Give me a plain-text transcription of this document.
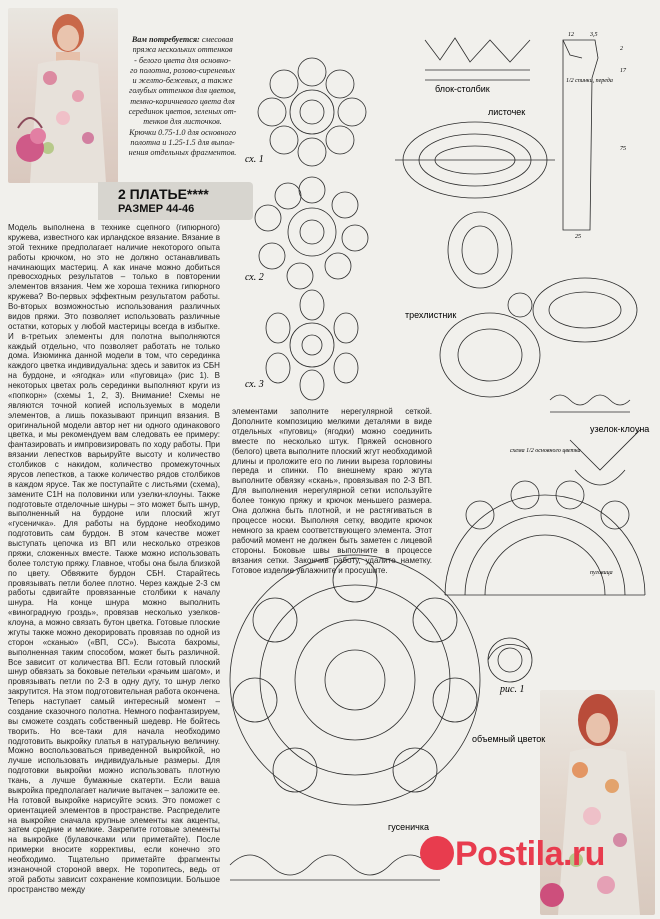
Вам потребуется: смесовая
пряжа нескольких оттенков
- белого цвета для основно-
го полотна, розово-сиреневых
и желто-бежевых, а также
голубых оттенков для цветов,
темно-коричневого цвета для
серединок цветов, зеленых от-
тенков для листочков.
Крючки 0.75-1.0 для основного
полотна и 1.25-1.5 для выпол-
нения отдельных фрагментов.
2 ПЛАТЬЕ****
РАЗМЕР 44-46
Модель выполнена в технике сцепного (гипюрного) кружева, известного как ирландское вязание. Вязание в этой технике предполагает наличие некоторого опыта работы крючком, но это не должно останавливать начинающих мастериц. А как иначе можно добиться превосходных результатов – только в повторении элементов вязания. Чем же хороша техника гипюрного кружева? Во-первых эффектным результатом работы. Во-вторых возможностью использования различных видов пряжи. Это позволяет использовать различные остатки, которых у любой мастерицы всегда в избытке. И в-третьих элементы для полотна выполняются каждый отдельно, что позволяет работать не только дома. Изюминка данной модели в том, что серединка каждого цветка индивидуальна: здесь и завиток из СБН на бурдоне, и «ягодка» или «пуговица» (рис 1). В некоторых цветах роль серединки выполняют круги из «попкорн» (схемы 1, 2, 3). Внимание! Схемы не являются точной копией используемых в модели элементов, а лишь показывают принцип вязания. В оригинальной модели автор нет ни одного одинакового цветка, и мы рекомендуем вам следовать ее примеру: фантазировать и импровизировать по ходу работы. При вязании лепестков варьируйте высоту и количество столбиков с накидом, количество промежуточных ярусов лепестков, а также количество рядов столбиков в каждом ярусе. Так же поступайте с листьями (схема), замените С1Н на половинки или узелки-клоуны. Также подготовьте отделочные шнуры – это может быть шнур, выполненный на бурдоне или плоский жгут «гусеничка». Для работы на бурдоне необходимо подготовить сам бурдон. В этом качестве может выступать цепочка из ВП или несколько отрезков пряжи, сложенных вместе. Также можно использовать более толстую пряжу. Главное, чтобы она была близкой по цвету. Обвяжите бурдон СБН. Старайтесь провязывать петли более плотно. Через каждые 2-3 см работы сдвигайте провязанные столбики к началу шнура. На конце шнура можно выполнить «виноградную гроздь», провязав несколько узелков-клоуна, а можно связать бутон цветка. Готовые плоские жгуты также можно декорировать провязав по одной из сторон «сканью» («ВП, СС»). Высота бахромы, выполненная таким способом, может быть различной. Все зависит от количества ВП. Если готовый плоский шнур обвязать за боковые петельки «рачьим шагом», и провязывать петли по 2-3 в одну дугу, то шнур легко закрутится. На этом подготовительная работа окончена. Теперь наступает самый интересный момент – создание сказочного полотна. Немного пофантазируем, вы сможете создать собственный шедевр. Не бойтесь творить. Но все-таки для начала необходимо подготовить выкройку платья в натуральную величину. Можно воспользоваться приведенной выкройкой, но лучше использовать индивидуальные размеры. Для подготовки выкройки можно использовать плотную ткань, а лучше бумажные скатерти. Если ваша выкройка предполагает наличие вытачек – заложите ее. На готовой выкройке нарисуйте эскиз. Это поможет с ориентацией элементов в пространстве. Распределите на выкройке сначала крупные элементы как акценты, затем средние и мелкие. Закрепите готовые элементы на выкройке (булавочками или приметайте). После примерки вносите коррективы, если конечно это необходимо. Тщательно приметайте фрагменты изнаночной стороной вверх. Не торопитесь, ведь от этой работы зависит сохранение композиции. Большое пространство между
элементами заполните нерегулярной сеткой. Дополните композицию мелкими деталями в виде отдельных «пуговиц» (ягодки) можно соединить вместе по несколько штук. Пряжей основного (белого) цвета выполните плоский жгут необходимой длины и проложите его по линии выреза горловины переда и спинки. По внешнему краю жгута выполните обвязку «скань», провязывая по 2-3 ВП. Для выполнения нерегулярной сетки используйте более тонкую пряжу и крючок меньшего размера. Она должна быть плотной, и не растягиваться в процессе носки. Выполняя сетку, вводите крючок немного за краем соответствующего элемента. Этот рабочий момент не должен быть заметен с лицевой стороны. Боковые швы выполните в процессе вязания сетки. Закончив работу, удалите наметку. Готовое изделие увлажните и просушите.
блок-столбик
листочек
трехлистник
узелок-клоуна
схема 1/2 основного цветка
пуговица
рис. 1
объемный цветок
гусеничка
сх. 1
сх. 2
сх. 3
1/2 спинки, переда
12	3,5
2
17
75
25
Postila.ru
